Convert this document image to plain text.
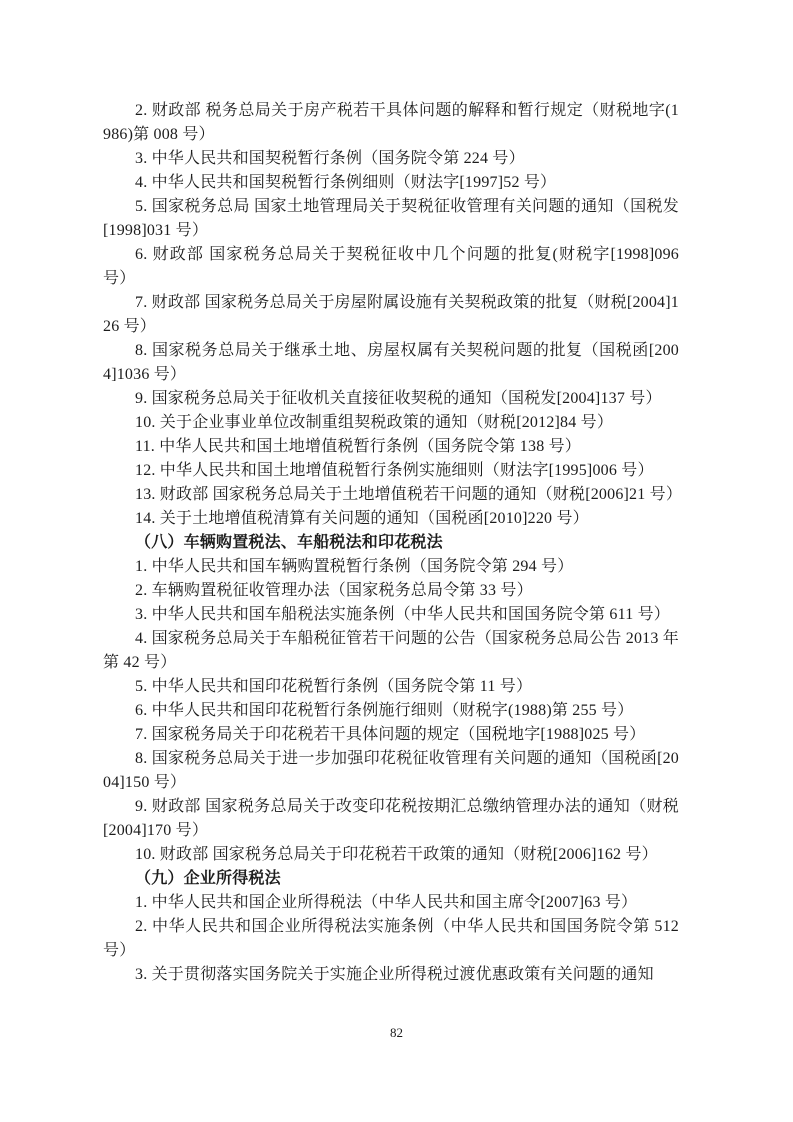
2. 财政部 税务总局关于房产税若干具体问题的解释和暂行规定（财税地字(1986)第 008 号）

3. 中华人民共和国契税暂行条例（国务院令第 224 号）

4. 中华人民共和国契税暂行条例细则（财法字[1997]52 号）

5. 国家税务总局 国家土地管理局关于契税征收管理有关问题的通知（国税发[1998]031 号）

6. 财政部 国家税务总局关于契税征收中几个问题的批复(财税字[1998]096 号）

7. 财政部 国家税务总局关于房屋附属设施有关契税政策的批复（财税[2004]126 号）

8. 国家税务总局关于继承土地、房屋权属有关契税问题的批复（国税函[2004]1036 号）

9. 国家税务总局关于征收机关直接征收契税的通知（国税发[2004]137 号）

10. 关于企业事业单位改制重组契税政策的通知（财税[2012]84 号）

11. 中华人民共和国土地增值税暂行条例（国务院令第 138 号）

12. 中华人民共和国土地增值税暂行条例实施细则（财法字[1995]006 号）

13. 财政部 国家税务总局关于土地增值税若干问题的通知（财税[2006]21 号）

14. 关于土地增值税清算有关问题的通知（国税函[2010]220 号）

（八）车辆购置税法、车船税法和印花税法

1. 中华人民共和国车辆购置税暂行条例（国务院令第 294 号）

2. 车辆购置税征收管理办法（国家税务总局令第 33 号）

3. 中华人民共和国车船税法实施条例（中华人民共和国国务院令第 611 号）

4. 国家税务总局关于车船税征管若干问题的公告（国家税务总局公告 2013 年第 42 号）

5. 中华人民共和国印花税暂行条例（国务院令第 11 号）

6. 中华人民共和国印花税暂行条例施行细则（财税字(1988)第 255 号）

7. 国家税务局关于印花税若干具体问题的规定（国税地字[1988]025 号）

8. 国家税务总局关于进一步加强印花税征收管理有关问题的通知（国税函[2004]150 号）

9. 财政部 国家税务总局关于改变印花税按期汇总缴纳管理办法的通知（财税[2004]170 号）

10. 财政部 国家税务总局关于印花税若干政策的通知（财税[2006]162 号）

（九）企业所得税法

1. 中华人民共和国企业所得税法（中华人民共和国主席令[2007]63 号）

2. 中华人民共和国企业所得税法实施条例（中华人民共和国国务院令第 512 号）

3. 关于贯彻落实国务院关于实施企业所得税过渡优惠政策有关问题的通知

82
